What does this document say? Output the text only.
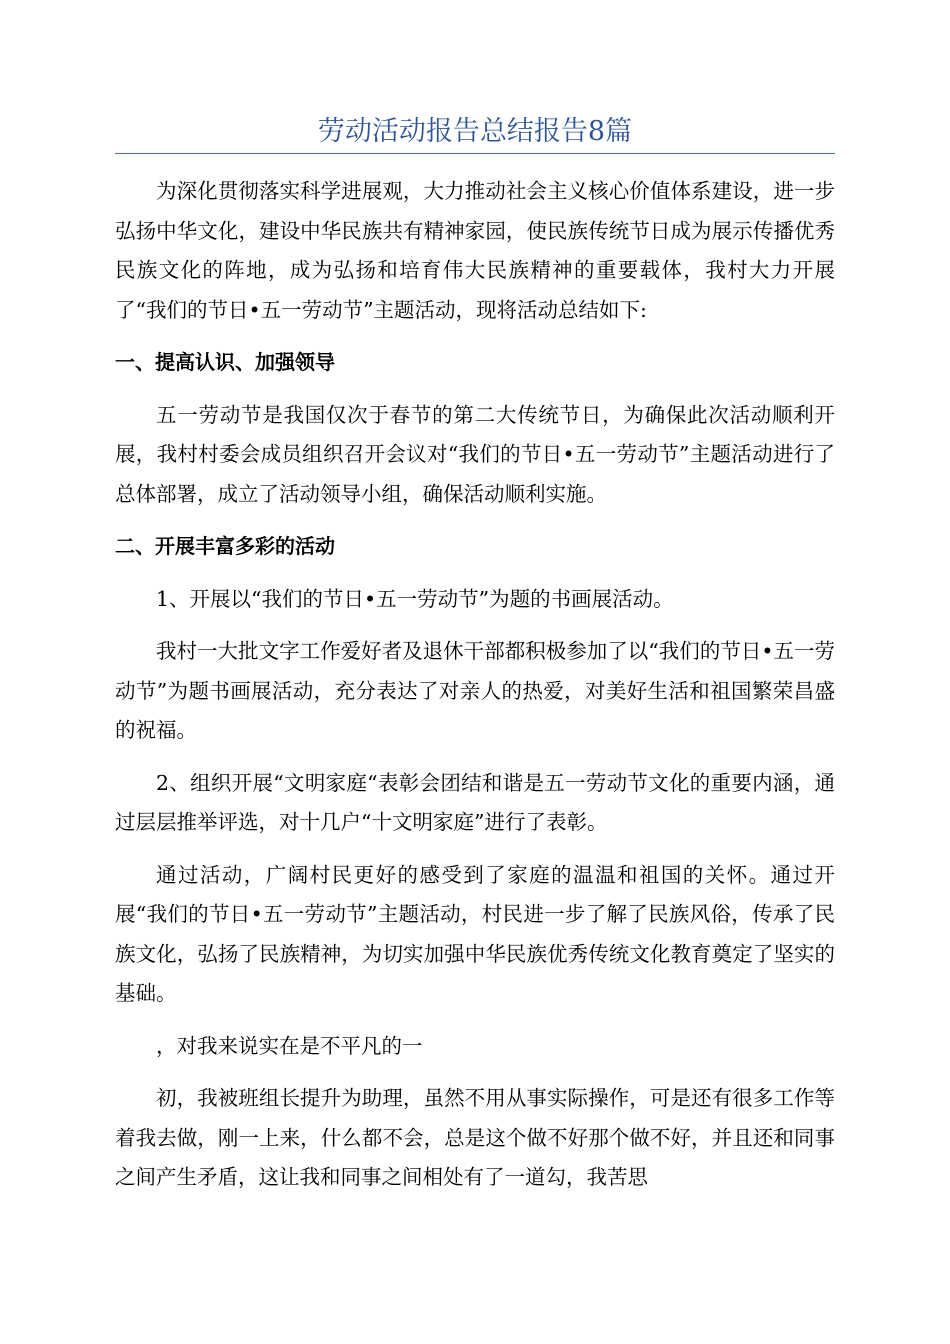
劳动活动报告总结报告8篇

为深化贯彻落实科学进展观，大力推动社会主义核心价值体系建设，进一步弘扬中华文化，建设中华民族共有精神家园，使民族传统节日成为展示传播优秀民族文化的阵地，成为弘扬和培育伟大民族精神的重要载体，我村大力开展了“我们的节日•五一劳动节”主题活动，现将活动总结如下:

一、提高认识、加强领导

五一劳动节是我国仅次于春节的第二大传统节日，为确保此次活动顺利开展，我村村委会成员组织召开会议对“我们的节日•五一劳动节”主题活动进行了总体部署，成立了活动领导小组，确保活动顺利实施。

二、开展丰富多彩的活动

1、开展以“我们的节日•五一劳动节”为题的书画展活动。

我村一大批文字工作爱好者及退休干部都积极参加了以“我们的节日•五一劳动节”为题书画展活动，充分表达了对亲人的热爱，对美好生活和祖国繁荣昌盛的祝福。

2、组织开展“文明家庭“表彰会团结和谐是五一劳动节文化的重要内涵，通过层层推举评选，对十几户“十文明家庭”进行了表彰。

通过活动，广阔村民更好的感受到了家庭的温温和祖国的关怀。通过开展“我们的节日•五一劳动节”主题活动，村民进一步了解了民族风俗，传承了民族文化，弘扬了民族精神，为切实加强中华民族优秀传统文化教育奠定了坚实的基础。

，对我来说实在是不平凡的一

初，我被班组长提升为助理，虽然不用从事实际操作，可是还有很多工作等着我去做，刚一上来，什么都不会，总是这个做不好那个做不好，并且还和同事之间产生矛盾，这让我和同事之间相处有了一道勾，我苦思
